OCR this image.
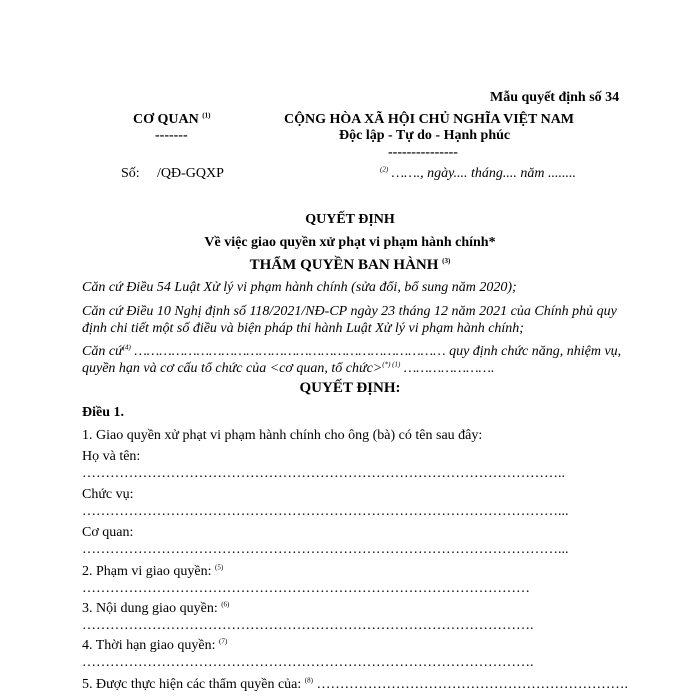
Mẫu quyết định số 34
CƠ QUAN $^{(1)}$
-------
CỘNG HÒA XÃ HỘI CHỦ NGHĨA VIỆT NAM
Độc lập - Tự do - Hạnh phúc
---------------
Số: /QĐ-GQXP	$^{(2)}$ ……., ngày.... tháng.... năm ........
QUYẾT ĐỊNH
Về việc giao quyền xử phạt vi phạm hành chính*
THẨM QUYỀN BAN HÀNH $^{(3)}$
Căn cứ Điều 54 Luật Xử lý vi phạm hành chính (sửa đổi, bổ sung năm 2020);
Căn cứ Điều 10 Nghị định số 118/2021/NĐ-CP ngày 23 tháng 12 năm 2021 của Chính phủ quy
định chi tiết một số điều và biện pháp thi hành Luật Xử lý vi phạm hành chính;
Căn cứ$^{(4)}$ ………………………………………………………………… quy định chức năng, nhiệm vụ,
quyền hạn và cơ cấu tổ chức của <cơ quan, tổ chức>$^{(*) (1)}$ ………………….
QUYẾT ĐỊNH:
Điều 1.
1. Giao quyền xử phạt vi phạm hành chính cho ông (bà) có tên sau đây:
Họ và tên:
…………………………………………………………………………………………..
Chức vụ:
…………………………………………………………………………………………...
Cơ quan:
…………………………………………………………………………………………...
2. Phạm vi giao quyền: $^{(5)}$
……………………………………………………………………………………
3. Nội dung giao quyền: $^{(6)}$
…………………………………………………………………………………….
4. Thời hạn giao quyền: $^{(7)}$
…………………………………………………………………………………….
5. Được thực hiện các thẩm quyền của: $^{(8)}$ ………………………………………………………….
